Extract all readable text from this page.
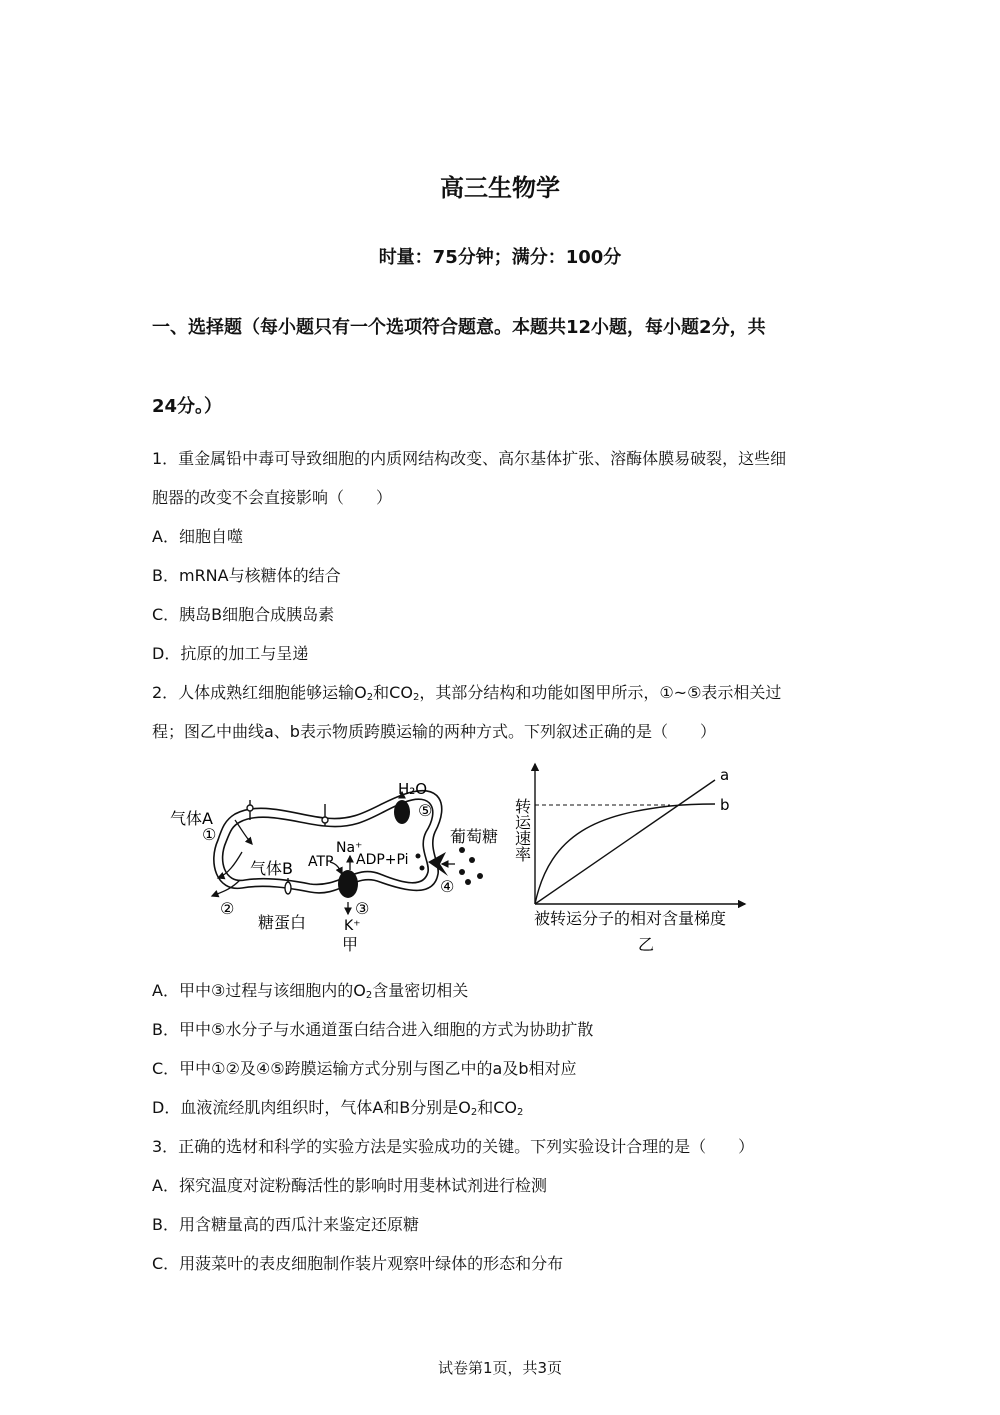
高三生物学
时量：75分钟；满分：100分
一、选择题（每小题只有一个选项符合题意。本题共12小题，每小题2分，共
24分。）
1．重金属铅中毒可导致细胞的内质网结构改变、高尔基体扩张、溶酶体膜易破裂，这些细
胞器的改变不会直接影响（　　）
A．细胞自噬
B．mRNA与核糖体的结合
C．胰岛B细胞合成胰岛素
D．抗原的加工与呈递
2．人体成熟红细胞能够运输$O_2$和$CO_2$，其部分结构和功能如图甲所示，①~⑤表示相关过
程；图乙中曲线a、b表示物质跨膜运输的两种方式。下列叙述正确的是（　　）
气体A
①
气体B
②
糖蛋白
H₂O
⑤
Na⁺
ATP ADP+Pi
③
K⁺
④
葡萄糖
甲
a
b
转运速率
被转运分子的相对含量梯度
乙
A．甲中③过程与该细胞内的$O_2$含量密切相关
B．甲中⑤水分子与水通道蛋白结合进入细胞的方式为协助扩散
C．甲中①②及④⑤跨膜运输方式分别与图乙中的a及b相对应
D．血液流经肌肉组织时，气体A和B分别是$O_2$和$CO_2$
3．正确的选材和科学的实验方法是实验成功的关键。下列实验设计合理的是（　　）
A．探究温度对淀粉酶活性的影响时用斐林试剂进行检测
B．用含糖量高的西瓜汁来鉴定还原糖
C．用菠菜叶的表皮细胞制作装片观察叶绿体的形态和分布
试卷第1页，共3页
